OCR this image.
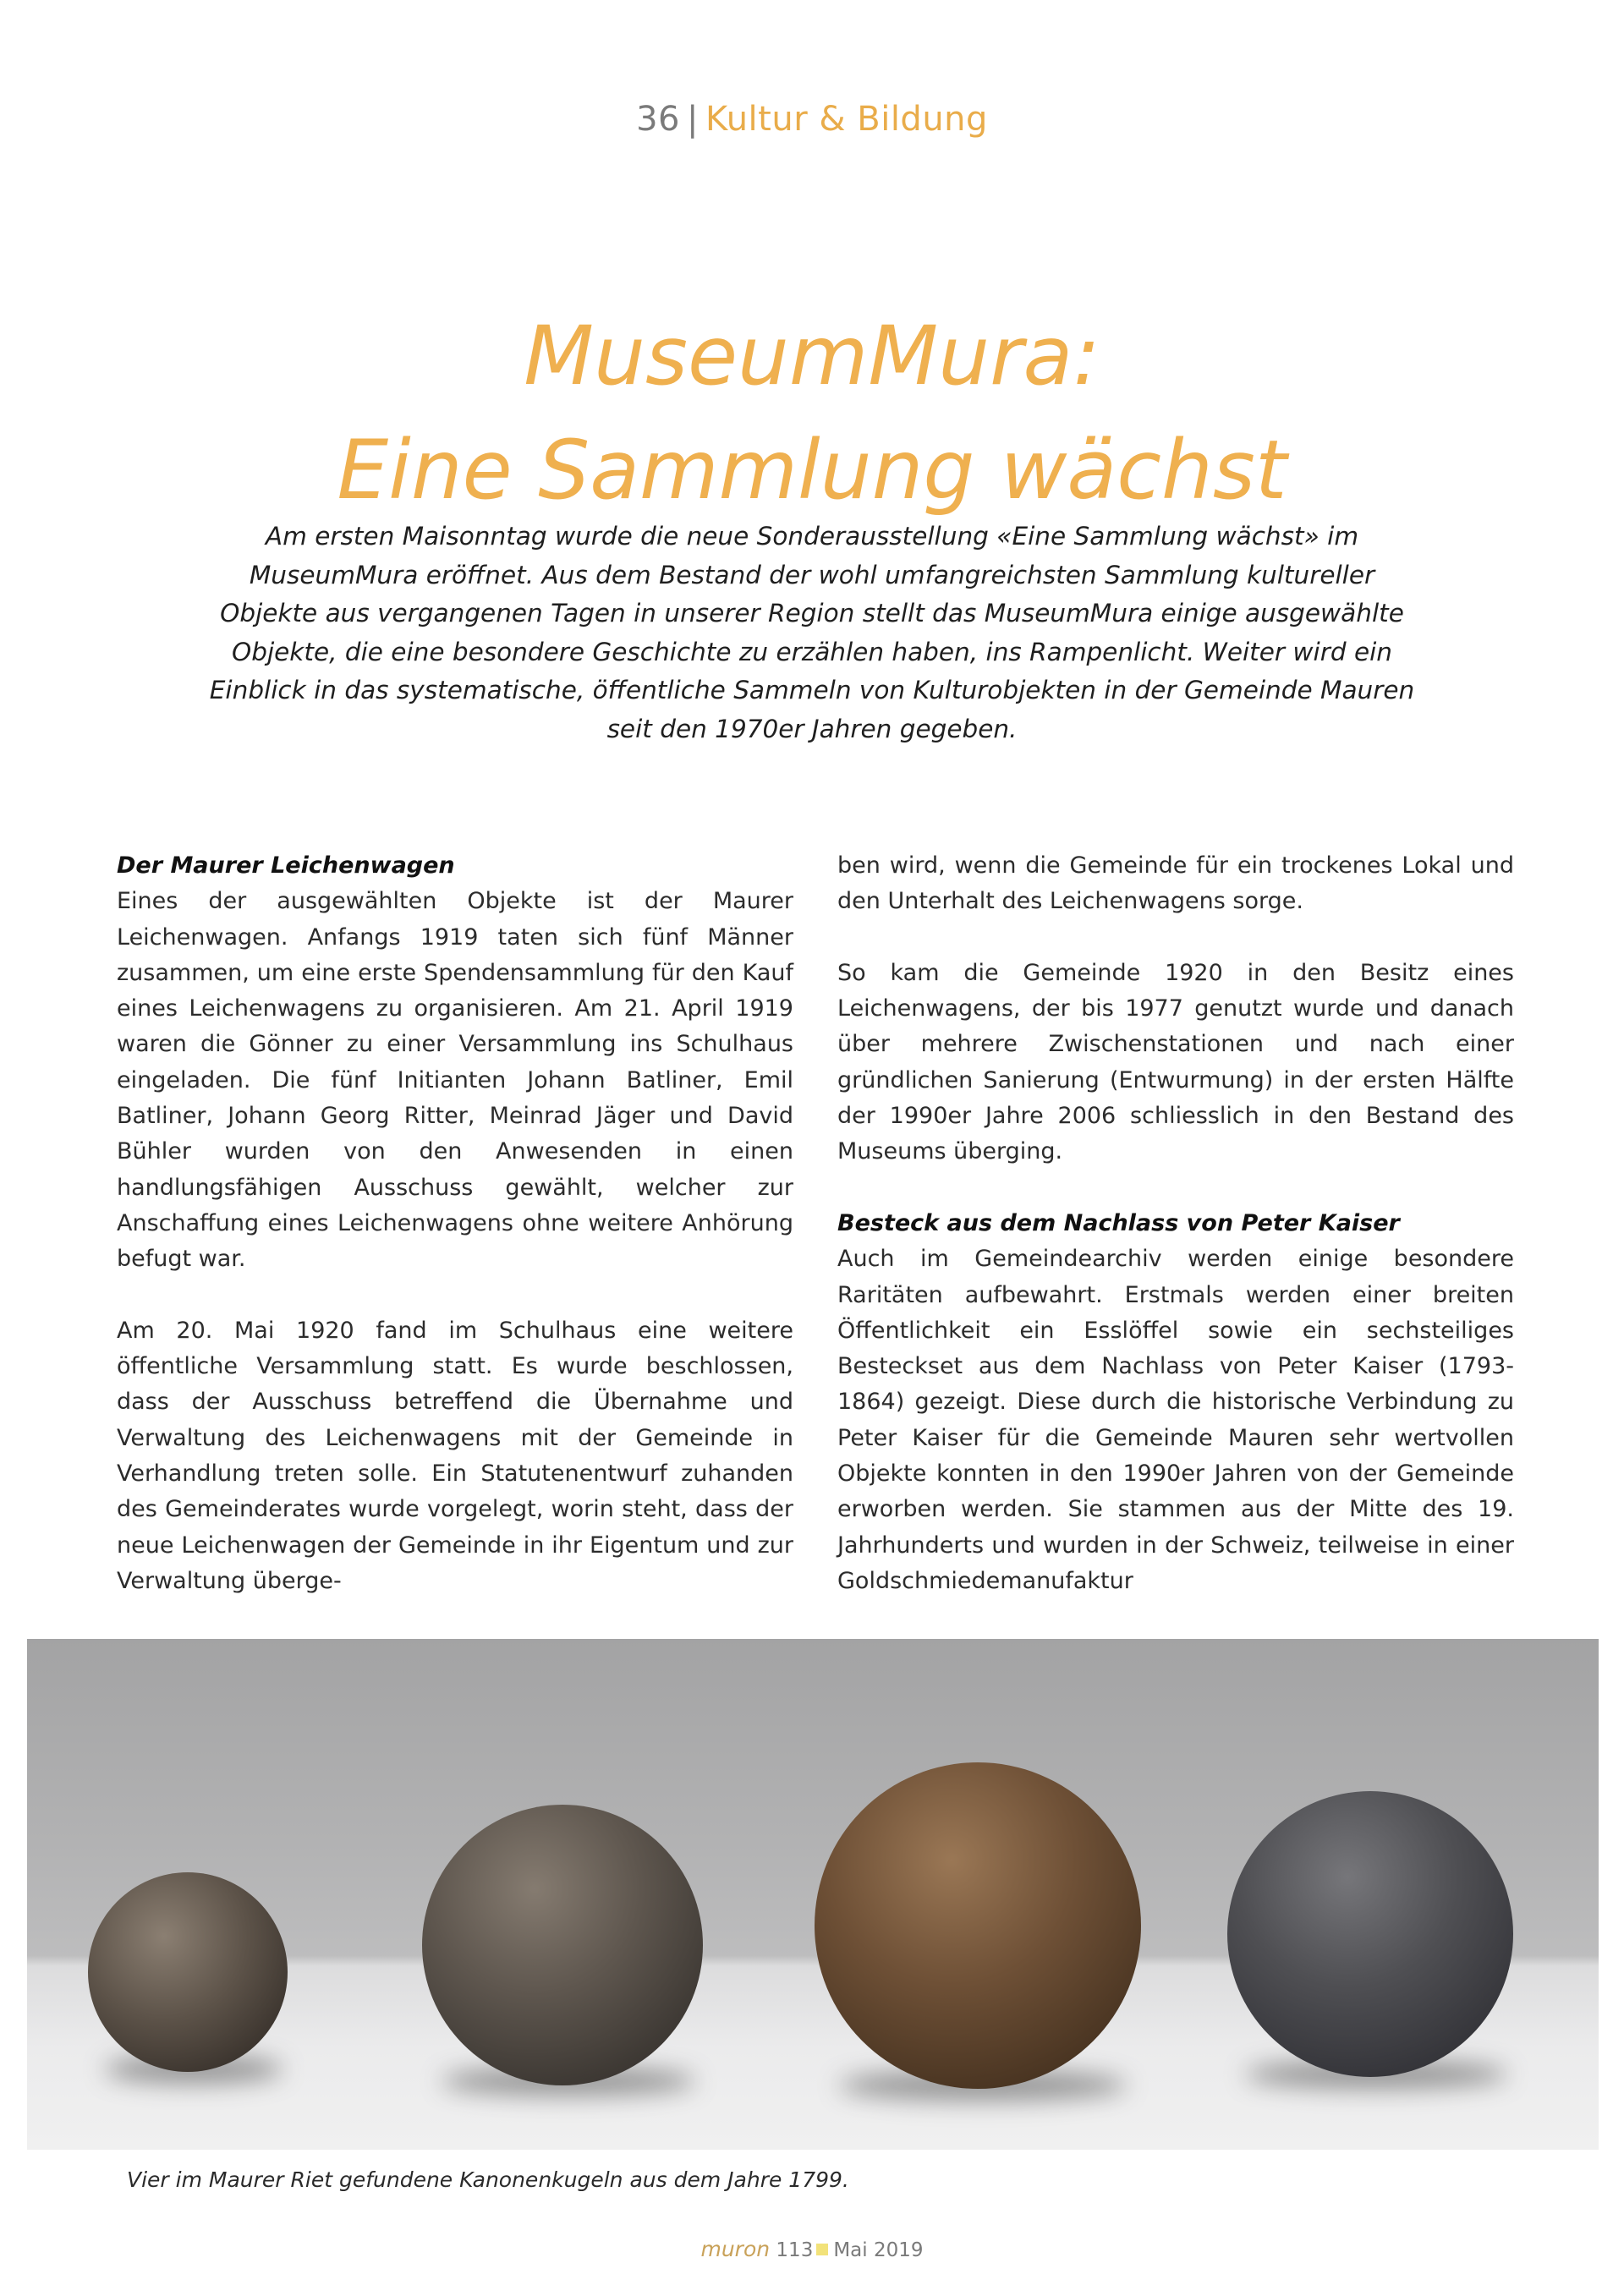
36 | Kultur & Bildung
MuseumMura:
Eine Sammlung wächst
Am ersten Maisonntag wurde die neue Sonderausstellung «Eine Sammlung wächst» im MuseumMura eröffnet. Aus dem Bestand der wohl umfangreichsten Sammlung kultureller Objekte aus vergangenen Tagen in unserer Region stellt das MuseumMura einige ausgewählte Objekte, die eine besondere Geschichte zu erzählen haben, ins Rampenlicht. Weiter wird ein Einblick in das systematische, öffentliche Sammeln von Kulturobjekten in der Gemeinde Mauren seit den 1970er Jahren gegeben.

Der Maurer Leichenwagen
Eines der ausgewählten Objekte ist der Maurer Leichenwagen. Anfangs 1919 taten sich fünf Männer zusammen, um eine erste Spendensammlung für den Kauf eines Leichenwagens zu organisieren. Am 21. April 1919 waren die Gönner zu einer Versammlung ins Schulhaus eingeladen. Die fünf Initianten Johann Batliner, Emil Batliner, Johann Georg Ritter, Meinrad Jäger und David Bühler wurden von den Anwesenden in einen handlungsfähigen Ausschuss gewählt, welcher zur Anschaffung eines Leichenwagens ohne weitere Anhörung befugt war.

Am 20. Mai 1920 fand im Schulhaus eine weitere öffentliche Versammlung statt. Es wurde beschlossen, dass der Ausschuss betreffend die Übernahme und Verwaltung des Leichenwagens mit der Gemeinde in Verhandlung treten solle. Ein Statutenentwurf zuhanden des Gemeinderates wurde vorgelegt, worin steht, dass der neue Leichenwagen der Gemeinde in ihr Eigentum und zur Verwaltung überge-

ben wird, wenn die Gemeinde für ein trockenes Lokal und den Unterhalt des Leichenwagens sorge.

So kam die Gemeinde 1920 in den Besitz eines Leichenwagens, der bis 1977 genutzt wurde und danach über mehrere Zwischenstationen und nach einer gründlichen Sanierung (Entwurmung) in der ersten Hälfte der 1990er Jahre 2006 schliesslich in den Bestand des Museums überging.

Besteck aus dem Nachlass von Peter Kaiser
Auch im Gemeindearchiv werden einige besondere Raritäten aufbewahrt. Erstmals werden einer breiten Öffentlichkeit ein Esslöffel sowie ein sechsteiliges Besteckset aus dem Nachlass von Peter Kaiser (1793-1864) gezeigt. Diese durch die historische Verbindung zu Peter Kaiser für die Gemeinde Mauren sehr wertvollen Objekte konnten in den 1990er Jahren von der Gemeinde erworben werden. Sie stammen aus der Mitte des 19. Jahrhunderts und wurden in der Schweiz, teilweise in einer Goldschmiedemanufaktur

Vier im Maurer Riet gefundene Kanonenkugeln aus dem Jahre 1799.
muron 113 Mai 2019
